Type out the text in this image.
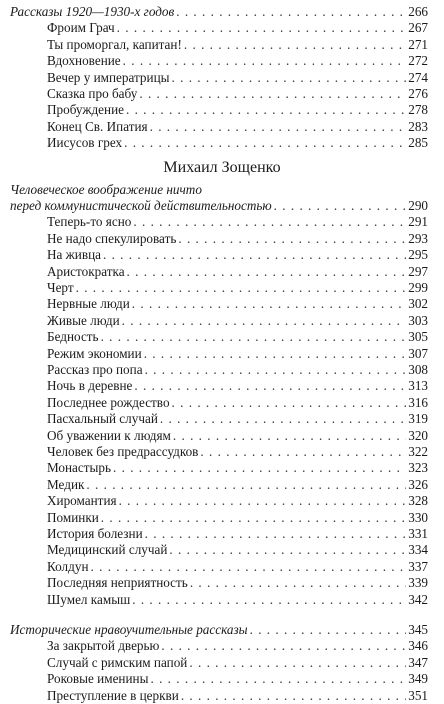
Рассказы 1920—1930-х годов . . .	266
Фроим Грач . . .	267
Ты проморгал, капитан! . . .	271
Вдохновение . . .	272
Вечер у императрицы . . .	274
Сказка про бабу . . .	276
Пробуждение . . .	278
Конец Св. Ипатия . . .	283
Иисусов грех . . .	285
Михаил Зощенко
Человеческое воображение ничто
перед коммунистической действительностью . . .	290
Теперь-то ясно . . .	291
Не надо спекулировать . . .	293
На живца . . .	295
Аристократка . . .	297
Черт . . .	299
Нервные люди . . .	302
Живые люди . . .	303
Бедность . . .	305
Режим экономии . . .	307
Рассказ про попа . . .	308
Ночь в деревне . . .	313
Последнее рождество . . .	316
Пасхальный случай . . .	319
Об уважении к людям . . .	320
Человек без предрассудков . . .	322
Монастырь . . .	323
Медик . . .	326
Хиромантия . . .	328
Поминки . . .	330
История болезни . . .	331
Медицинский случай . . .	334
Колдун . . .	337
Последняя неприятность . . .	339
Шумел камыш . . .	342
Исторические нравоучительные рассказы . . .	345
За закрытой дверью . . .	346
Случай с римским папой . . .	347
Роковые именины . . .	349
Преступление в церкви . . .	351
